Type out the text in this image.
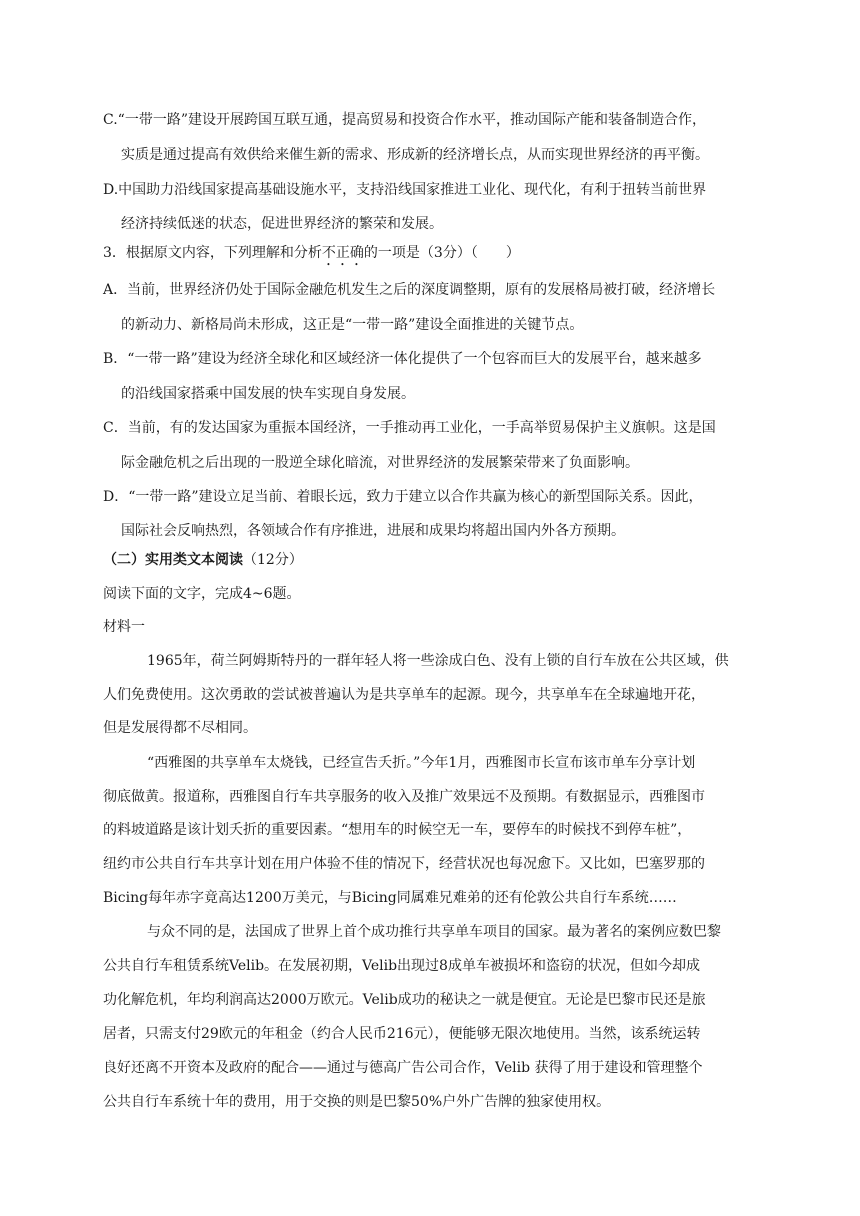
C.“一带一路”建设开展跨国互联互通，提高贸易和投资合作水平，推动国际产能和装备制造合作，
实质是通过提高有效供给来催生新的需求、形成新的经济增长点，从而实现世界经济的再平衡。
D.中国助力沿线国家提高基础设施水平，支持沿线国家推进工业化、现代化，有利于扭转当前世界
经济持续低迷的状态，促进世界经济的繁荣和发展。
3．根据原文内容，下列理解和分析不正确的一项是（3分）（　　）
A．当前，世界经济仍处于国际金融危机发生之后的深度调整期，原有的发展格局被打破，经济增长
的新动力、新格局尚未形成，这正是“一带一路”建设全面推进的关键节点。
B．“一带一路”建设为经济全球化和区域经济一体化提供了一个包容而巨大的发展平台，越来越多
的沿线国家搭乘中国发展的快车实现自身发展。
C．当前，有的发达国家为重振本国经济，一手推动再工业化，一手高举贸易保护主义旗帜。这是国
际金融危机之后出现的一股逆全球化暗流，对世界经济的发展繁荣带来了负面影响。
D．“一带一路”建设立足当前、着眼长远，致力于建立以合作共赢为核心的新型国际关系。因此，
国际社会反响热烈，各领域合作有序推进，进展和成果均将超出国内外各方预期。
（二）实用类文本阅读（12分）
阅读下面的文字，完成4~6题。
材料一
1965年，荷兰阿姆斯特丹的一群年轻人将一些涂成白色、没有上锁的自行车放在公共区域，供
人们免费使用。这次勇敢的尝试被普遍认为是共享单车的起源。现今，共享单车在全球遍地开花，
但是发展得都不尽相同。
“西雅图的共享单车太烧钱，已经宣告夭折。”今年1月，西雅图市长宣布该市单车分享计划
彻底做黄。报道称，西雅图自行车共享服务的收入及推广效果远不及预期。有数据显示，西雅图市
的料坡道路是该计划夭折的重要因素。“想用车的时候空无一车，要停车的时候找不到停车桩”，
纽约市公共自行车共享计划在用户体验不佳的情况下，经营状况也每况愈下。又比如，巴塞罗那的
Bicing每年赤字竟高达1200万美元，与Bicing同属难兄难弟的还有伦敦公共自行车系统……
与众不同的是，法国成了世界上首个成功推行共享单车项目的国家。最为著名的案例应数巴黎
公共自行车租赁系统Velib。在发展初期，Velib出现过8成单车被损坏和盗窃的状况，但如今却成
功化解危机，年均利润高达2000万欧元。Velib成功的秘诀之一就是便宜。无论是巴黎市民还是旅
居者，只需支付29欧元的年租金（约合人民币216元），便能够无限次地使用。当然，该系统运转
良好还离不开资本及政府的配合——通过与德高广告公司合作，Velib 获得了用于建设和管理整个
公共自行车系统十年的费用，用于交换的则是巴黎50%户外广告牌的独家使用权。
